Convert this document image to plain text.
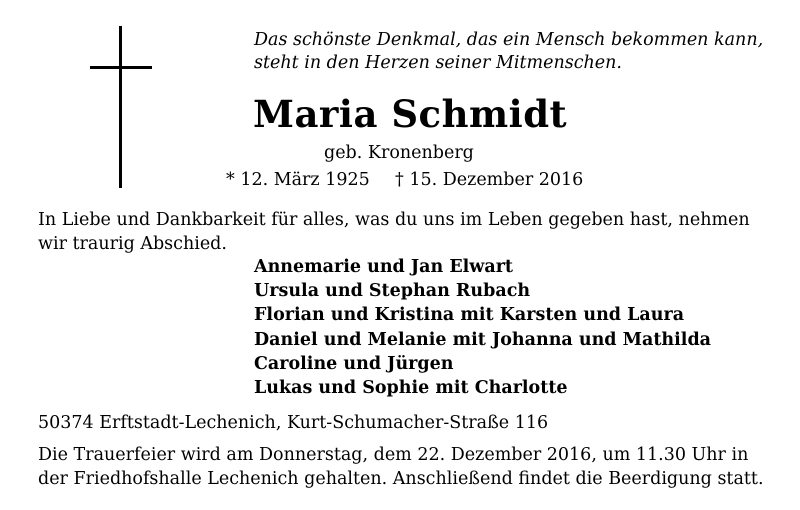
Das schönste Denkmal, das ein Mensch bekommen kann,
steht in den Herzen seiner Mitmenschen.

Maria Schmidt
geb. Kronenberg
* 12. März 1925 † 15. Dezember 2016

In Liebe und Dankbarkeit für alles, was du uns im Leben gegeben hast, nehmen
wir traurig Abschied.

Annemarie und Jan Elwart
Ursula und Stephan Rubach
Florian und Kristina mit Karsten und Laura
Daniel und Melanie mit Johanna und Mathilda
Caroline und Jürgen
Lukas und Sophie mit Charlotte
50374 Erftstadt-Lechenich, Kurt-Schumacher-Straße 116

Die Trauerfeier wird am Donnerstag, dem 22. Dezember 2016, um 11.30 Uhr in
der Friedhofshalle Lechenich gehalten. Anschließend findet die Beerdigung statt.
